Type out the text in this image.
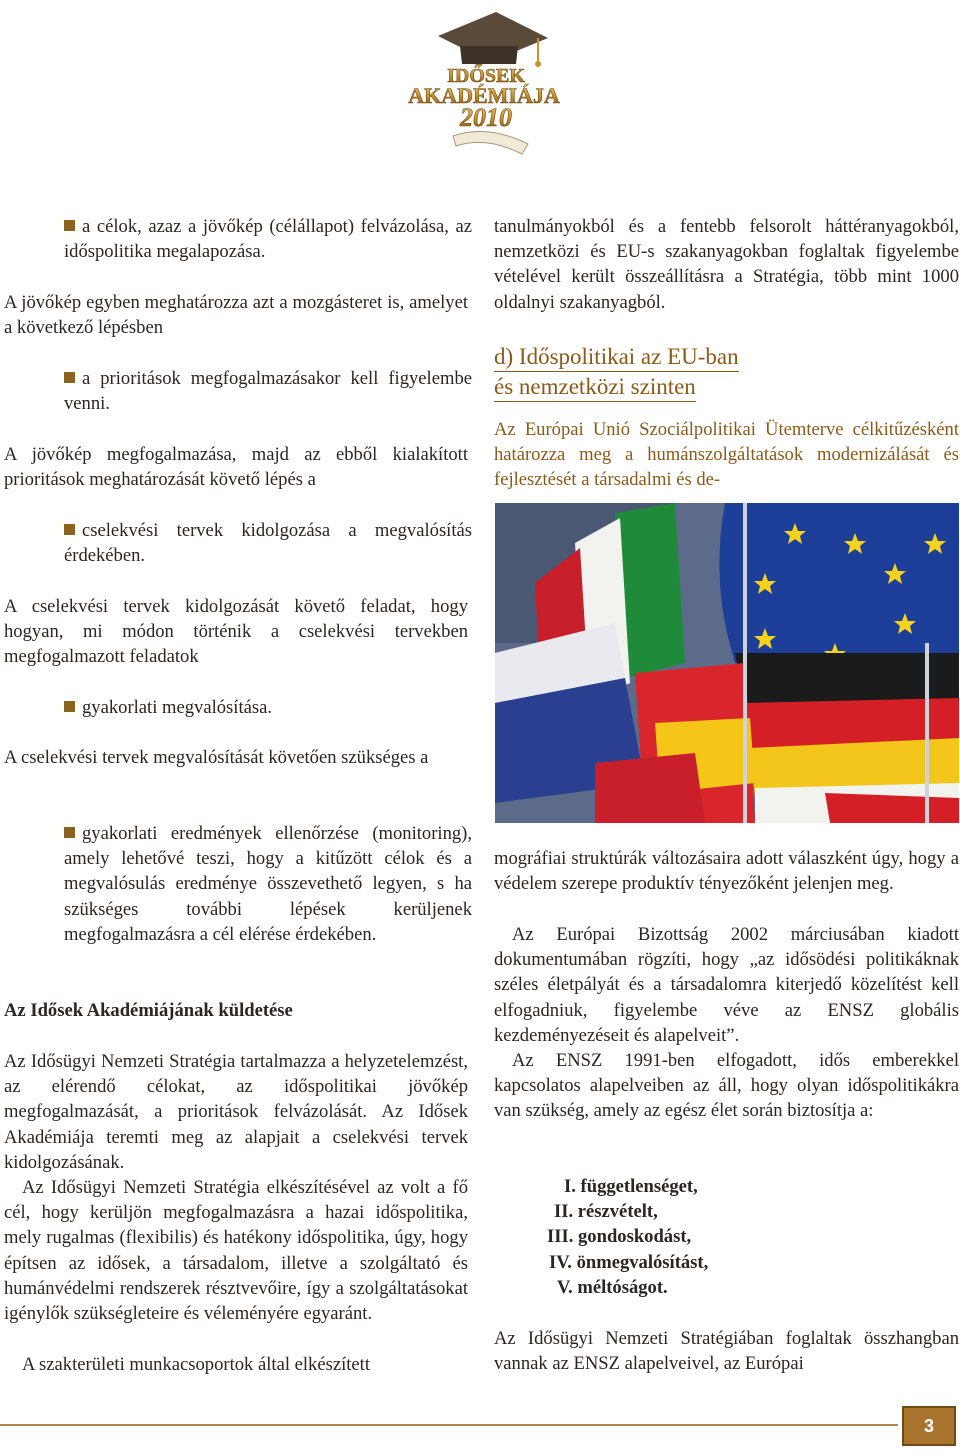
IDŐSEK
AKADÉMIÁJA
2010

a célok, azaz a jövőkép (célállapot) felvázolása, az időspolitika megalapozása.

A jövőkép egyben meghatározza azt a mozgásteret is, amelyet a következő lépésben

a prioritások megfogalmazásakor kell figyelembe venni.

A jövőkép megfogalmazása, majd az ebből kialakított prioritások meghatározását követő lépés a

cselekvési tervek kidolgozása a megvalósítás érdekében.

A cselekvési tervek kidolgozását követő feladat, hogy hogyan, mi módon történik a cselekvési tervekben megfogalmazott feladatok

gyakorlati megvalósítása.

A cselekvési tervek megvalósítását követően szükséges a

gyakorlati eredmények ellenőrzése (monitoring), amely lehetővé teszi, hogy a kitűzött célok és a megvalósulás eredménye összevethető legyen, s ha szükséges további lépések kerüljenek megfogalmazásra a cél elérése érdekében.

Az Idősek Akadémiájának küldetése

Az Idősügyi Nemzeti Stratégia tartalmazza a helyzetelemzést, az elérendő célokat, az időspolitikai jövőkép megfogalmazását, a prioritások felvázolását. Az Idősek Akadémiája teremti meg az alapjait a cselekvési tervek kidolgozásának.

Az Idősügyi Nemzeti Stratégia elkészítésével az volt a fő cél, hogy kerüljön megfogalmazásra a hazai időspolitika, mely rugalmas (flexibilis) és hatékony időspolitika, úgy, hogy építsen az idősek, a társadalom, illetve a szolgáltató és humánvédelmi rendszerek résztvevőire, így a szolgáltatásokat igénylők szükségleteire és véleményére egyaránt.

A szakterületi munkacsoportok által elkészített

tanulmányokból és a fentebb felsorolt háttéranyagokból, nemzetközi és EU-s szakanyagokban foglaltak figyelembe vételével került összeállításra a Stratégia, több mint 1000 oldalnyi szakanyagból.

d) Időspolitikai az EU-ban
és nemzetközi szinten

Az Európai Unió Szociálpolitikai Ütemterve célkitűzésként határozza meg a humánszolgáltatások modernizálását és fejlesztését a társadalmi és de-

mográfiai struktúrák változásaira adott válaszként úgy, hogy a védelem szerepe produktív tényezőként jelenjen meg.

Az Európai Bizottság 2002 márciusában kiadott dokumentumában rögzíti, hogy „az idősödési politikáknak széles életpályát és a társadalomra kiterjedő közelítést kell elfogadniuk, figyelembe véve az ENSZ globális kezdeményezéseit és alapelveit”.

Az ENSZ 1991-ben elfogadott, idős emberekkel kapcsolatos alapelveiben az áll, hogy olyan időspolitikákra van szükség, amely az egész élet során biztosítja a:

I. függetlenséget,
II. részvételt,
III. gondoskodást,
IV. önmegvalósítást,
V. méltóságot.

Az Idősügyi Nemzeti Stratégiában foglaltak összhangban vannak az ENSZ alapelveivel, az Európai

3
